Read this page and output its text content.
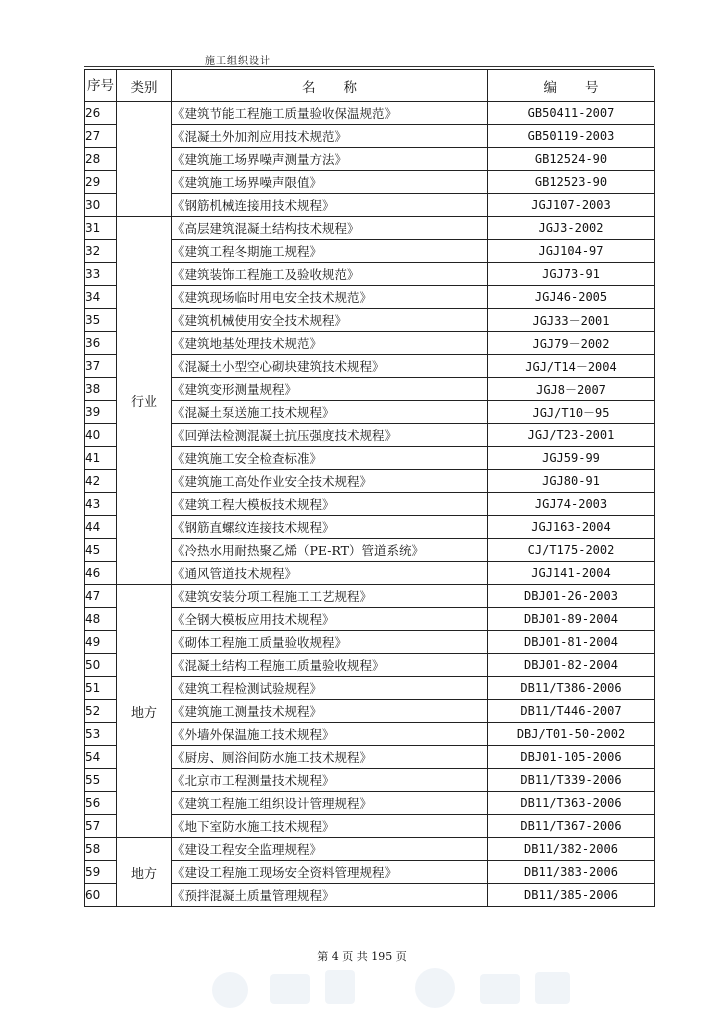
施工组织设计
序号	类别	名称	编号
26		《建筑节能工程施工质量验收保温规范》	GB50411-2007
27		《混凝土外加剂应用技术规范》	GB50119-2003
28		《建筑施工场界噪声测量方法》	GB12524-90
29		《建筑施工场界噪声限值》	GB12523-90
30		《钢筋机械连接用技术规程》	JGJ107-2003
31	行业	《高层建筑混凝土结构技术规程》	JGJ3-2002
32		《建筑工程冬期施工规程》	JGJ104-97
33		《建筑装饰工程施工及验收规范》	JGJ73-91
34		《建筑现场临时用电安全技术规范》	JGJ46-2005
35		《建筑机械使用安全技术规程》	JGJ33－2001
36		《建筑地基处理技术规范》	JGJ79－2002
37		《混凝土小型空心砌块建筑技术规程》	JGJ/T14－2004
38		《建筑变形测量规程》	JGJ8－2007
39		《混凝土泵送施工技术规程》	JGJ/T10－95
40		《回弹法检测混凝土抗压强度技术规程》	JGJ/T23-2001
41		《建筑施工安全检查标准》	JGJ59-99
42		《建筑施工高处作业安全技术规程》	JGJ80-91
43		《建筑工程大模板技术规程》	JGJ74-2003
44		《钢筋直螺纹连接技术规程》	JGJ163-2004
45		《冷热水用耐热聚乙烯（PE-RT）管道系统》	CJ/T175-2002
46		《通风管道技术规程》	JGJ141-2004
47	地方	《建筑安装分项工程施工工艺规程》	DBJ01-26-2003
48		《全钢大模板应用技术规程》	DBJ01-89-2004
49		《砌体工程施工质量验收规程》	DBJ01-81-2004
50		《混凝土结构工程施工质量验收规程》	DBJ01-82-2004
51		《建筑工程检测试验规程》	DB11/T386-2006
52		《建筑施工测量技术规程》	DB11/T446-2007
53		《外墙外保温施工技术规程》	DBJ/T01-50-2002
54		《厨房、厕浴间防水施工技术规程》	DBJ01-105-2006
55		《北京市工程测量技术规程》	DB11/T339-2006
56		《建筑工程施工组织设计管理规程》	DB11/T363-2006
57		《地下室防水施工技术规程》	DB11/T367-2006
58	地方	《建设工程安全监理规程》	DB11/382-2006
59		《建设工程施工现场安全资料管理规程》	DB11/383-2006
60		《预拌混凝土质量管理规程》	DB11/385-2006
第 4 页 共 195 页
